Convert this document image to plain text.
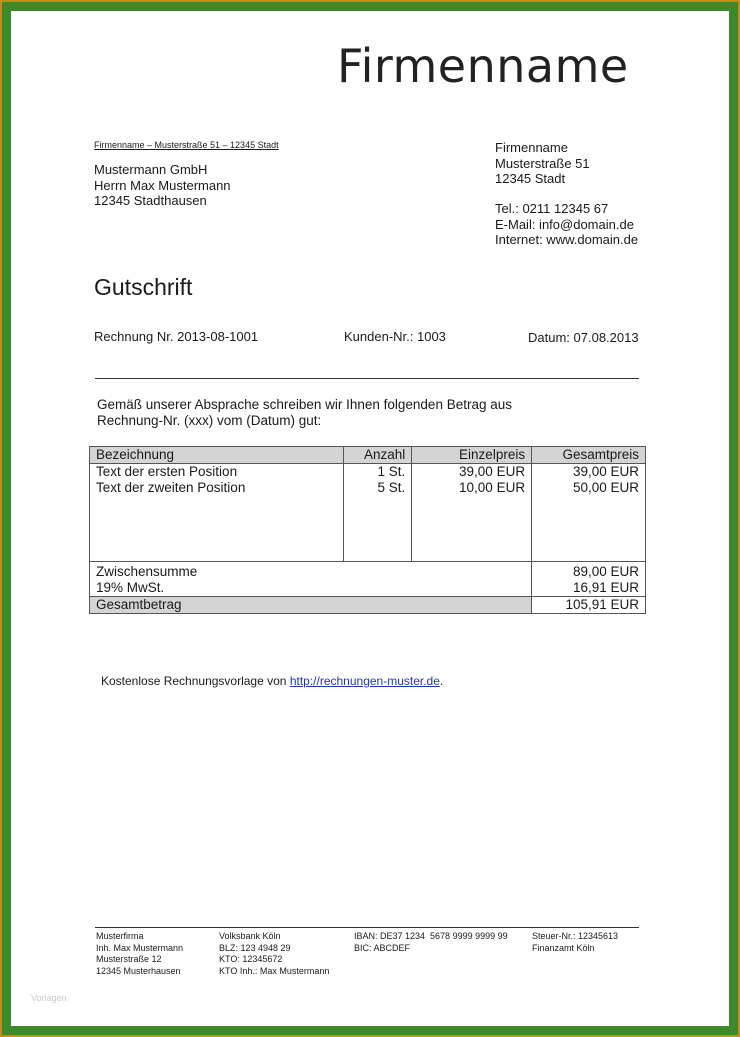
Firmenname
Firmenname – Musterstraße 51 – 12345 Stadt
Mustermann GmbH
Herrn Max Mustermann
12345 Stadthausen
Firmenname
Musterstraße 51
12345 Stadt
Tel.: 0211 12345 67
E-Mail: info@domain.de
Internet: www.domain.de
Gutschrift
Rechnung Nr. 2013-08-1001	Kunden-Nr.: 1003	Datum: 07.08.2013
Gemäß unserer Absprache schreiben wir Ihnen folgenden Betrag aus
Rechnung-Nr. (xxx) vom (Datum) gut:
Bezeichnung	Anzahl	Einzelpreis	Gesamtpreis
Text der ersten Position	1 St.	39,00 EUR	39,00 EUR
Text der zweiten Position	5 St.	10,00 EUR	50,00 EUR

Zwischensumme			89,00 EUR
19% MwSt.			16,91 EUR
Gesamtbetrag			105,91 EUR
Kostenlose Rechnungsvorlage von http://rechnungen-muster.de.
Musterfirma
Inh. Max Mustermann
Musterstraße 12
12345 Musterhausen
Volksbank Köln
BLZ: 123 4948 29
KTO: 12345672
KTO Inh.: Max Mustermann
IBAN: DE37 1234  5678 9999 9999 99
BIC: ABCDEF
Steuer-Nr.: 12345613
Finanzamt Köln
Vorlagen
